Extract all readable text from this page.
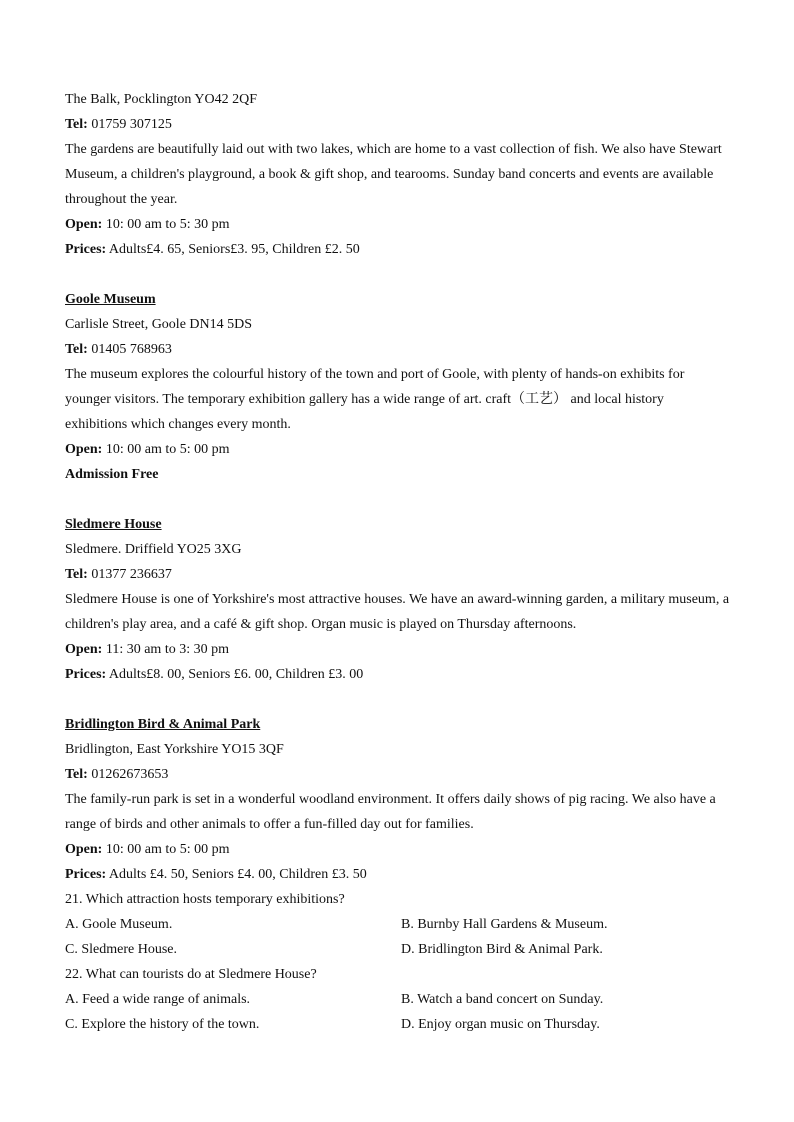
The Balk, Pocklington YO42 2QF
Tel: 01759 307125
The gardens are beautifully laid out with two lakes, which are home to a vast collection of fish. We also have Stewart
Museum, a children's playground, a book & gift shop, and tearooms. Sunday band concerts and events are available
throughout the year.
Open: 10: 00 am to 5: 30 pm
Prices: Adults£4. 65, Seniors£3. 95, Children £2. 50
Goole Museum
Carlisle Street, Goole DN14 5DS
Tel: 01405 768963
The museum explores the colourful history of the town and port of Goole, with plenty of hands-on exhibits for
younger visitors. The temporary exhibition gallery has a wide range of art. craft（工艺） and local history
exhibitions which changes every month.
Open: 10: 00 am to 5: 00 pm
Admission Free
Sledmere House
Sledmere. Driffield YO25 3XG
Tel: 01377 236637
Sledmere House is one of Yorkshire's most attractive houses. We have an award-winning garden, a military museum, a
children's play area, and a café & gift shop. Organ music is played on Thursday afternoons.
Open: 11: 30 am to 3: 30 pm
Prices: Adults£8. 00, Seniors £6. 00, Children £3. 00
Bridlington Bird & Animal Park
Bridlington, East Yorkshire YO15 3QF
Tel: 01262673653
The family-run park is set in a wonderful woodland environment. It offers daily shows of pig racing. We also have a
range of birds and other animals to offer a fun-filled day out for families.
Open: 10: 00 am to 5: 00 pm
Prices: Adults £4. 50, Seniors £4. 00, Children £3. 50
21. Which attraction hosts temporary exhibitions?
A. Goole Museum.	B. Burnby Hall Gardens & Museum.
C. Sledmere House.	D. Bridlington Bird & Animal Park.
22. What can tourists do at Sledmere House?
A. Feed a wide range of animals.	B. Watch a band concert on Sunday.
C. Explore the history of the town.	D. Enjoy organ music on Thursday.
